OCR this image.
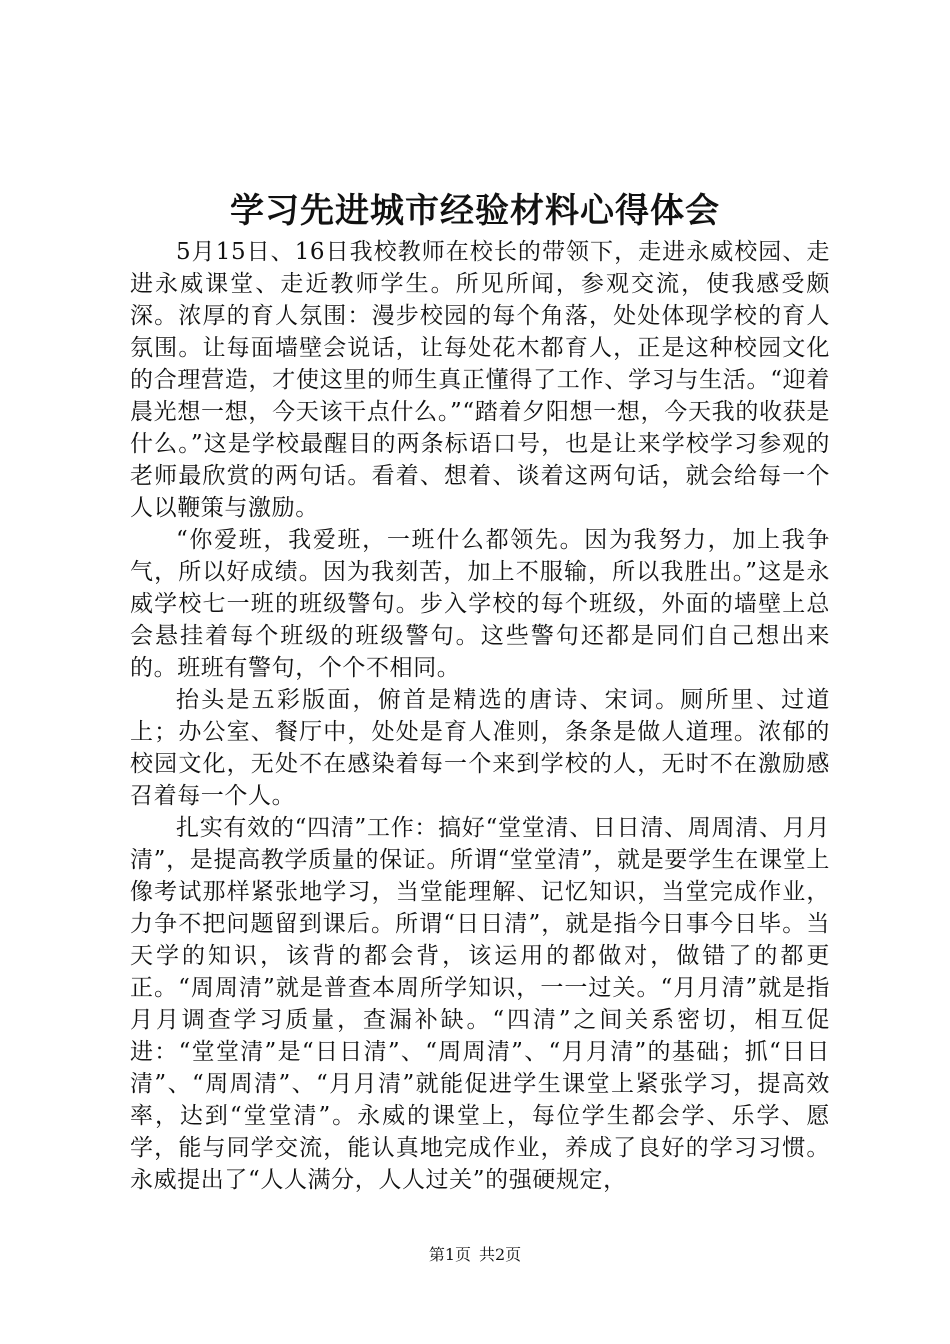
学习先进城市经验材料心得体会

5月15日、16日我校教师在校长的带领下，走进永威校园、走进永威课堂、走近教师学生。所见所闻，参观交流，使我感受颇深。浓厚的育人氛围：漫步校园的每个角落，处处体现学校的育人氛围。让每面墙壁会说话，让每处花木都育人，正是这种校园文化的合理营造，才使这里的师生真正懂得了工作、学习与生活。“迎着晨光想一想，今天该干点什么。”“踏着夕阳想一想，今天我的收获是什么。”这是学校最醒目的两条标语口号，也是让来学校学习参观的老师最欣赏的两句话。看着、想着、谈着这两句话，就会给每一个人以鞭策与激励。

“你爱班，我爱班，一班什么都领先。因为我努力，加上我争气，所以好成绩。因为我刻苦，加上不服输，所以我胜出。”这是永威学校七一班的班级警句。步入学校的每个班级，外面的墙壁上总会悬挂着每个班级的班级警句。这些警句还都是同们自己想出来的。班班有警句，个个不相同。

抬头是五彩版面，俯首是精选的唐诗、宋词。厕所里、过道上；办公室、餐厅中，处处是育人准则，条条是做人道理。浓郁的校园文化，无处不在感染着每一个来到学校的人，无时不在激励感召着每一个人。

扎实有效的“四清”工作：搞好“堂堂清、日日清、周周清、月月清”，是提高教学质量的保证。所谓“堂堂清”，就是要学生在课堂上像考试那样紧张地学习，当堂能理解、记忆知识，当堂完成作业，力争不把问题留到课后。所谓“日日清”，就是指今日事今日毕。当天学的知识，该背的都会背，该运用的都做对，做错了的都更正。“周周清”就是普查本周所学知识，一一过关。“月月清”就是指月月调查学习质量，查漏补缺。“四清”之间关系密切，相互促进：“堂堂清”是“日日清”、“周周清”、“月月清”的基础；抓“日日清”、“周周清”、“月月清”就能促进学生课堂上紧张学习，提高效率，达到“堂堂清”。永威的课堂上，每位学生都会学、乐学、愿学，能与同学交流，能认真地完成作业，养成了良好的学习习惯。永威提出了“人人满分，人人过关”的强硬规定，

第1页 共2页
